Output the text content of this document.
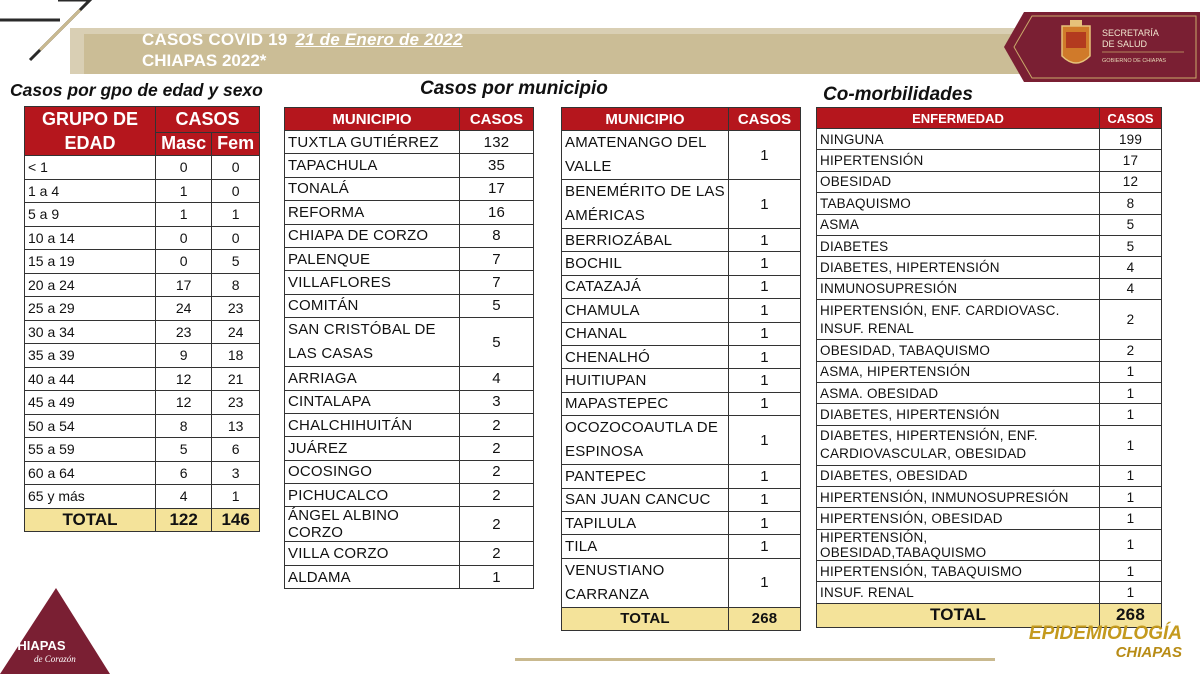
CASOS COVID 19 21 de Enero de 2022
CHIAPAS 2022*
SECRETARÍA
DE SALUD
GOBIERNO DE CHIAPAS
Casos por gpo de edad y sexo	Casos por municipio	Co-morbilidades
GRUPO DE EDAD	CASOS	
	Masc	Fem
< 1	0	0
1 a 4	1	0
5 a 9	1	1
10 a 14	0	0
15 a 19	0	5
20 a 24	17	8
25 a 29	24	23
30 a 34	23	24
35 a 39	9	18
40 a 44	12	21
45 a 49	12	23
50 a 54	8	13
55 a 59	5	6
60 a 64	6	3
65 y más	4	1
TOTAL	122	146
MUNICIPIO	CASOS
TUXTLA GUTIÉRREZ	132
TAPACHULA	35
TONALÁ	17
REFORMA	16
CHIAPA DE CORZO	8
PALENQUE	7
VILLAFLORES	7
COMITÁN	5
SAN CRISTÓBAL DE LAS CASAS	5
ARRIAGA	4
CINTALAPA	3
CHALCHIHUITÁN	2
JUÁREZ	2
OCOSINGO	2
PICHUCALCO	2
ÁNGEL ALBINO CORZO	2
VILLA CORZO	2
ALDAMA	1
MUNICIPIO	CASOS
AMATENANGO DEL VALLE	1
BENEMÉRITO DE LAS AMÉRICAS	1
BERRIOZÁBAL	1
BOCHIL	1
CATAZAJÁ	1
CHAMULA	1
CHANAL	1
CHENALHÓ	1
HUITIUPAN	1
MAPASTEPEC	1
OCOZOCOAUTLA DE ESPINOSA	1
PANTEPEC	1
SAN JUAN CANCUC	1
TAPILULA	1
TILA	1
VENUSTIANO CARRANZA	1
TOTAL	268
ENFERMEDAD	CASOS
NINGUNA	199
HIPERTENSIÓN	17
OBESIDAD	12
TABAQUISMO	8
ASMA	5
DIABETES	5
DIABETES, HIPERTENSIÓN	4
INMUNOSUPRESIÓN	4
HIPERTENSIÓN, ENF. CARDIOVASC. INSUF. RENAL	2
OBESIDAD, TABAQUISMO	2
ASMA, HIPERTENSIÓN	1
ASMA. OBESIDAD	1
DIABETES, HIPERTENSIÓN	1
DIABETES, HIPERTENSIÓN, ENF. CARDIOVASCULAR, OBESIDAD	1
DIABETES, OBESIDAD	1
HIPERTENSIÓN, INMUNOSUPRESIÓN	1
HIPERTENSIÓN, OBESIDAD	1
HIPERTENSIÓN, OBESIDAD,TABAQUISMO	1
HIPERTENSIÓN, TABAQUISMO	1
INSUF. RENAL	1
TOTAL	268
CHIAPAS
de Corazón
EPIDEMIOLOGÍA
CHIAPAS
